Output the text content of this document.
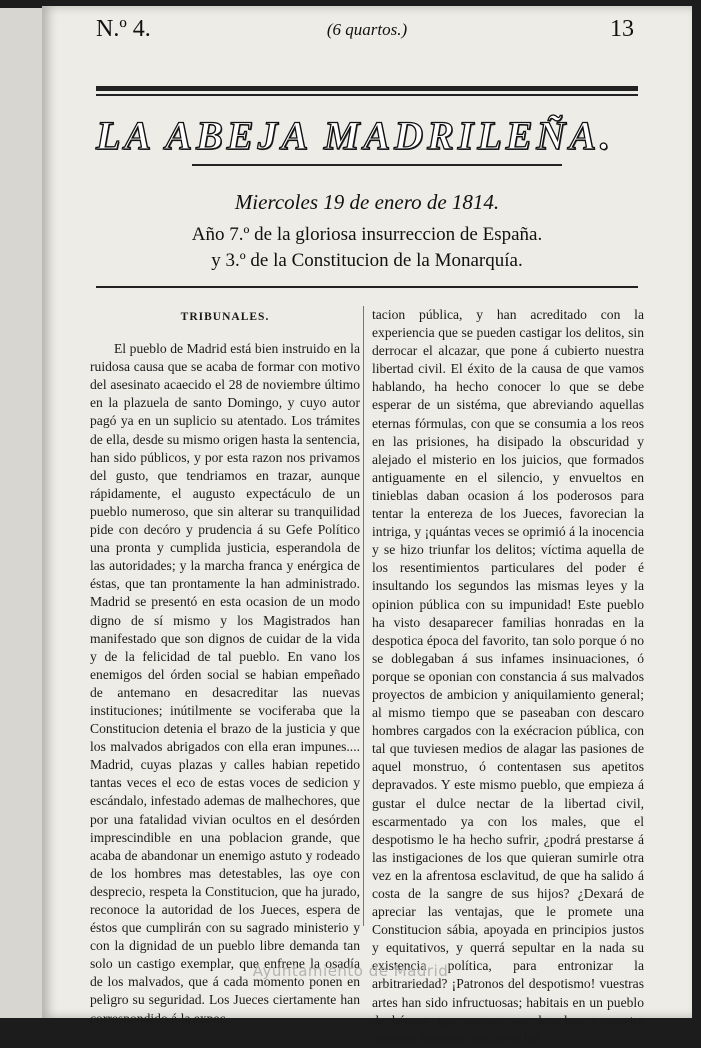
N.º 4.	(6 quartos.)	13
LA ABEJA MADRILEÑA.
Miercoles 19 de enero de 1814.
Año 7.º de la gloriosa insurreccion de España.
y 3.º de la Constitucion de la Monarquía.
TRIBUNALES.

El pueblo de Madrid está bien instruido en la ruidosa causa que se acaba de formar con motivo del asesinato acaecido el 28 de noviembre último en la plazuela de santo Domingo, y cuyo autor pagó ya en un suplicio su atentado. Los trámites de ella, desde su mismo origen hasta la sentencia, han sido públicos, y por esta razon nos privamos del gusto, que tendriamos en trazar, aunque rápidamente, el augusto expectáculo de un pueblo numeroso, que sin alterar su tranquilidad pide con decóro y prudencia á su Gefe Político una pronta y cumplida justicia, esperandola de las autoridades; y la marcha franca y enérgica de éstas, que tan prontamente la han administrado. Madrid se presentó en esta ocasion de un modo digno de sí mismo y los Magistrados han manifestado que son dignos de cuidar de la vida y de la felicidad de tal pueblo. En vano los enemigos del órden social se habian empeñado de antemano en desacreditar las nuevas instituciones; inútilmente se vociferaba que la Constitucion detenia el brazo de la justicia y que los malvados abrigados con ella eran impunes.... Madrid, cuyas plazas y calles habian repetido tantas veces el eco de estas voces de sedicion y escándalo, infestado ademas de malhechores, que por una fatalidad vivian ocultos en el desórden imprescindible en una poblacion grande, que acaba de abandonar un enemigo astuto y rodeado de los hombres mas detestables, las oye con desprecio, respeta la Constitucion, que ha jurado, reconoce la autoridad de los Jueces, espera de éstos que cumplirán con su sagrado ministerio y con la dignidad de un pueblo libre demanda tan solo un castigo exemplar, que enfrene la osadía de los malvados, que á cada momento ponen en peligro su seguridad. Los Jueces ciertamente han correspondido á la expec-

tacion pública, y han acreditado con la experiencia que se pueden castigar los delitos, sin derrocar el alcazar, que pone á cubierto nuestra libertad civil. El éxito de la causa de que vamos hablando, ha hecho conocer lo que se debe esperar de un sistéma, que abreviando aquellas eternas fórmulas, con que se consumia a los reos en las prisiones, ha disipado la obscuridad y alejado el misterio en los juicios, que formados antiguamente en el silencio, y envueltos en tinieblas daban ocasion á los poderosos para tentar la entereza de los Jueces, favorecian la intriga, y ¡quántas veces se oprimió á la inocencia y se hizo triunfar los delitos; víctima aquella de los resentimientos particulares del poder é insultando los segundos las mismas leyes y la opinion pública con su impunidad! Este pueblo ha visto desaparecer familias honradas en la despotica época del favorito, tan solo porque ó no se doblegaban á sus infames insinuaciones, ó porque se oponian con constancia á sus malvados proyectos de ambicion y aniquilamiento general; al mismo tiempo que se paseaban con descaro hombres cargados con la exécracion pública, con tal que tuviesen medios de alagar las pasiones de aquel monstruo, ó contentasen sus apetitos depravados. Y este mismo pueblo, que empieza á gustar el dulce nectar de la libertad civil, escarmentado ya con los males, que el despotismo le ha hecho sufrir, ¿podrá prestarse á las instigaciones de los que quieran sumirle otra vez en la afrentosa esclavitud, de que ha salido á costa de la sangre de sus hijos? ¿Dexará de apreciar las ventajas, que le promete una Constitucion sábia, apoyada en principios justos y equitativos, y querrá sepultar en la nada su existencia política, para entronizar la arbitrariedad? ¡Patronos del despotismo! vuestras artes han sido infructuosas; habitais en un pueblo de héroes, que conoce sus derechos y penetra vuestros intentos: distingue los

Ayuntamiento de Madrid
